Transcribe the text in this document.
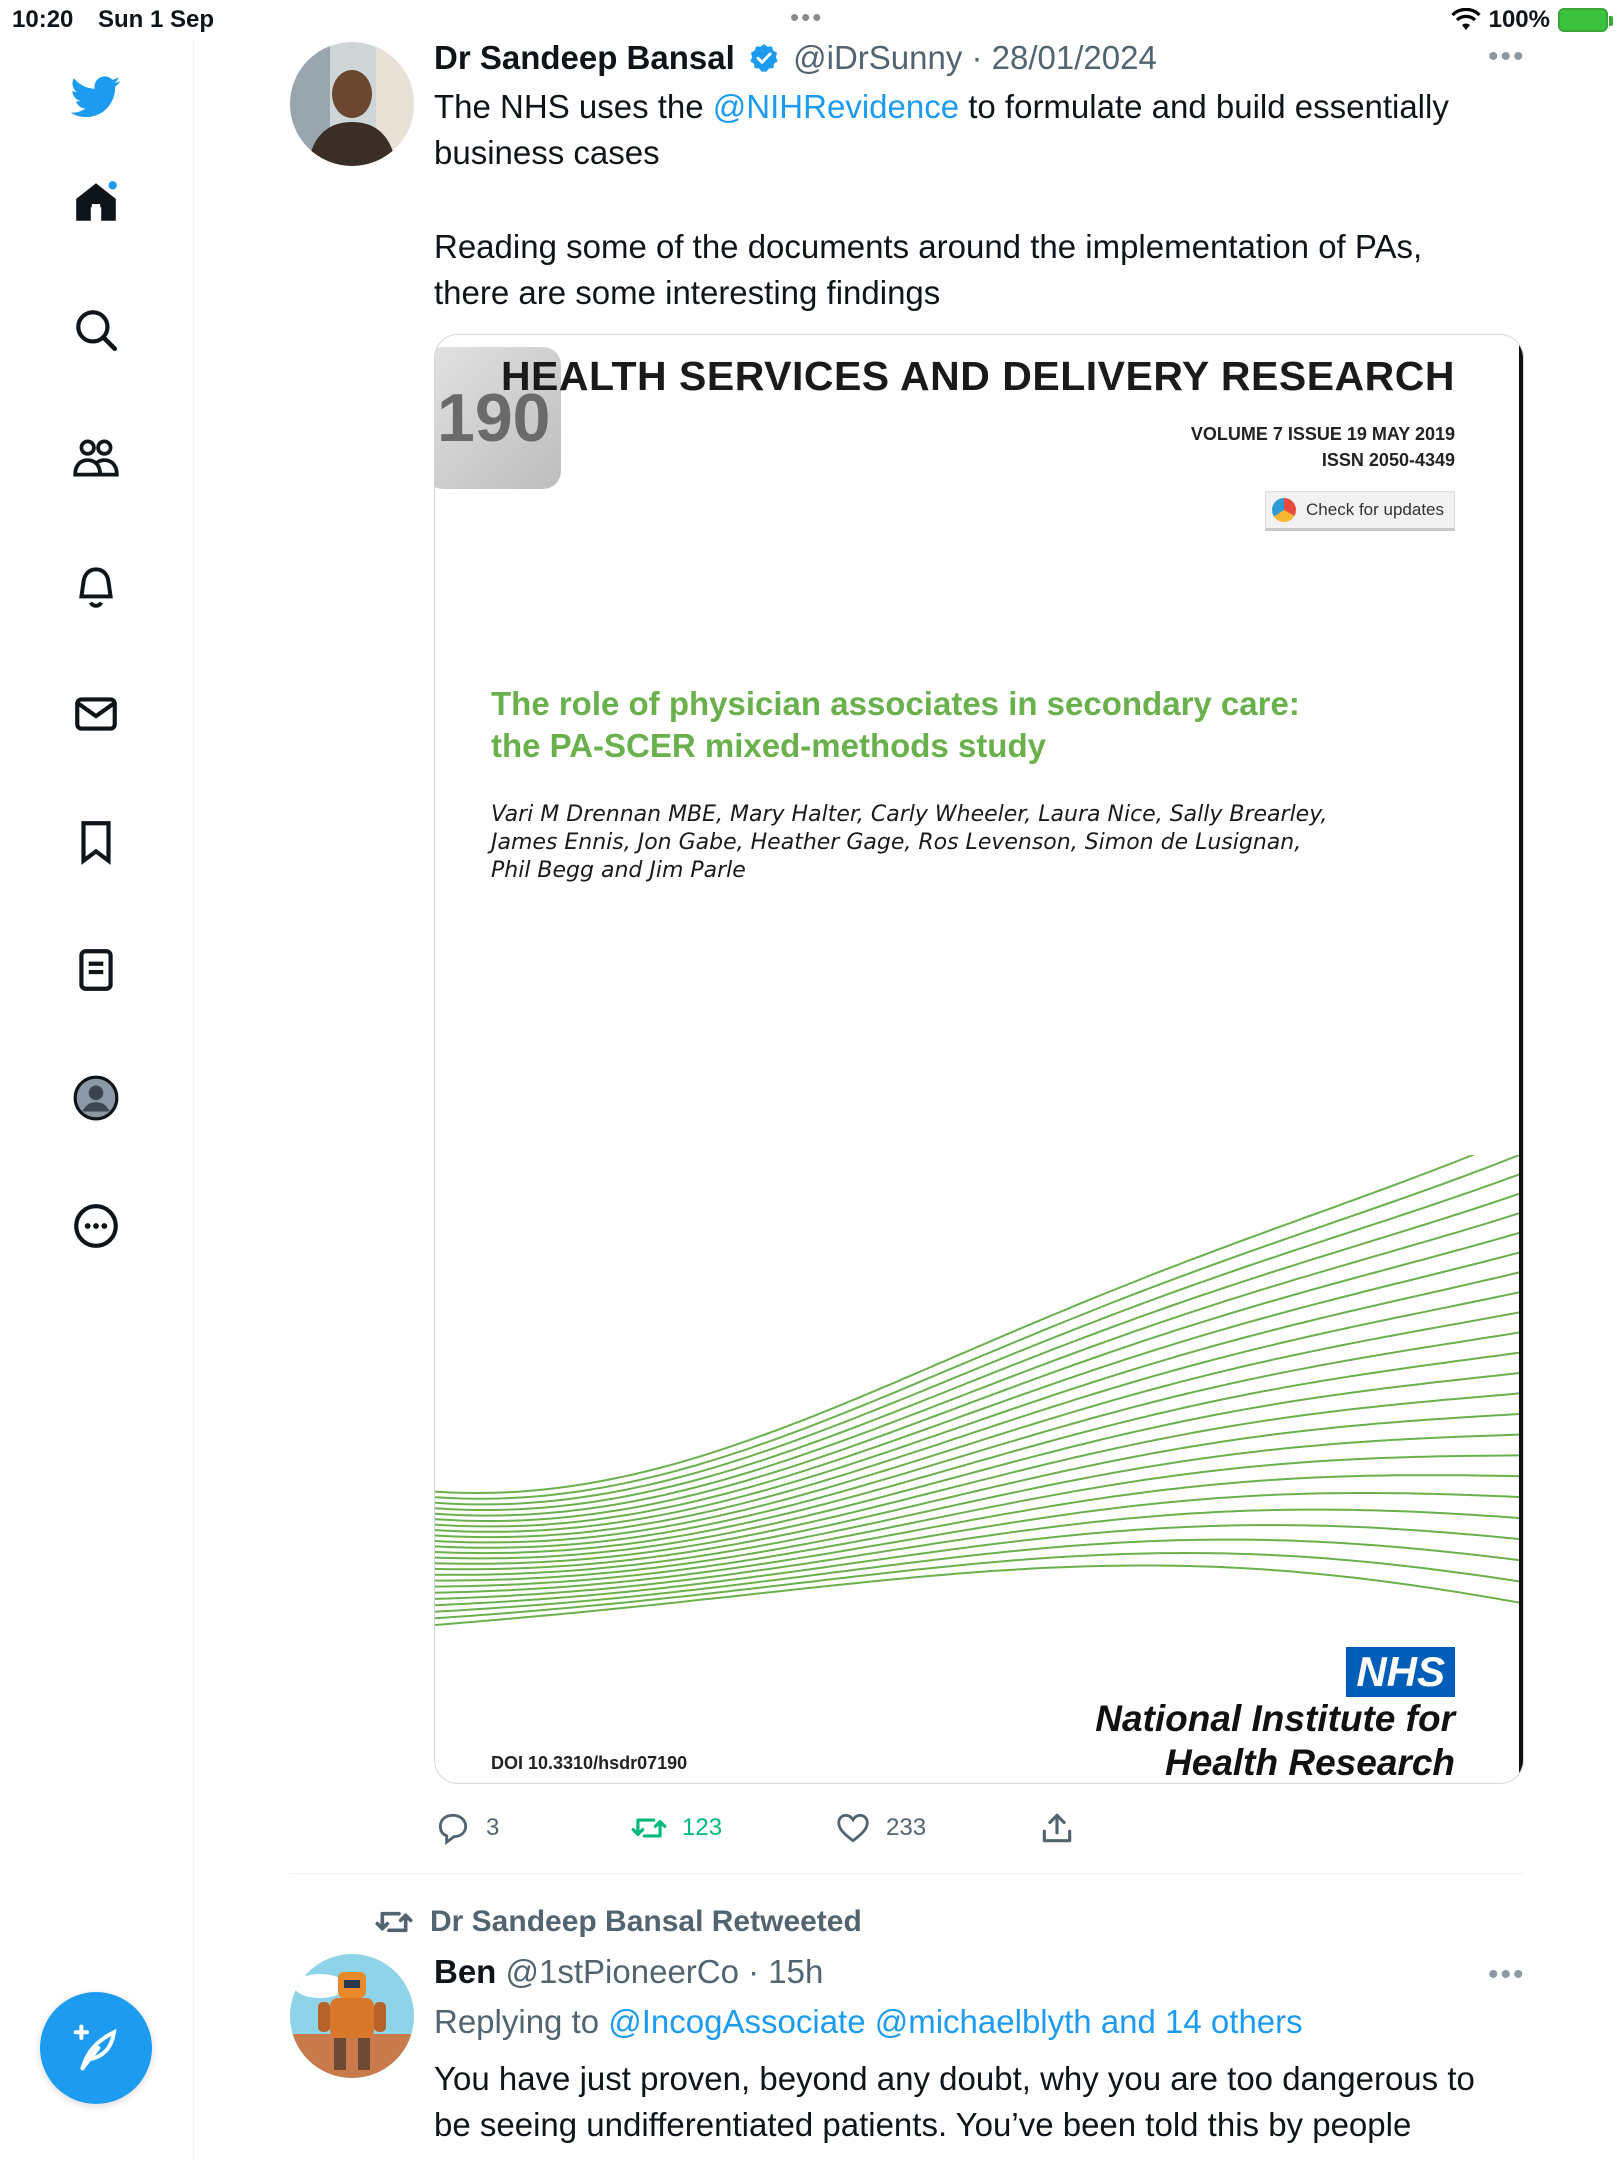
10:20 Sun 1 Sep	•••	100%
Dr Sandeep Bansal @iDrSunny · 28/01/2024	•••
The NHS uses the @NIHRevidence to formulate and build essentially business cases
Reading some of the documents around the implementation of PAs, there are some interesting findings
190
HEALTH SERVICES AND DELIVERY RESEARCH
VOLUME 7 ISSUE 19 MAY 2019
ISSN 2050-4349
Check for updates
The role of physician associates in secondary care:
the PA-SCER mixed-methods study
Vari M Drennan MBE, Mary Halter, Carly Wheeler, Laura Nice, Sally Brearley,
James Ennis, Jon Gabe, Heather Gage, Ros Levenson, Simon de Lusignan,
Phil Begg and Jim Parle
NHS
National Institute for
Health Research
DOI 10.3310/hsdr07190
3	123	233
Dr Sandeep Bansal Retweeted
Ben @1stPioneerCo · 15h	•••
Replying to @IncogAssociate @michaelblyth and 14 others
You have just proven, beyond any doubt, why you are too dangerous to
be seeing undifferentiated patients. You’ve been told this by people
